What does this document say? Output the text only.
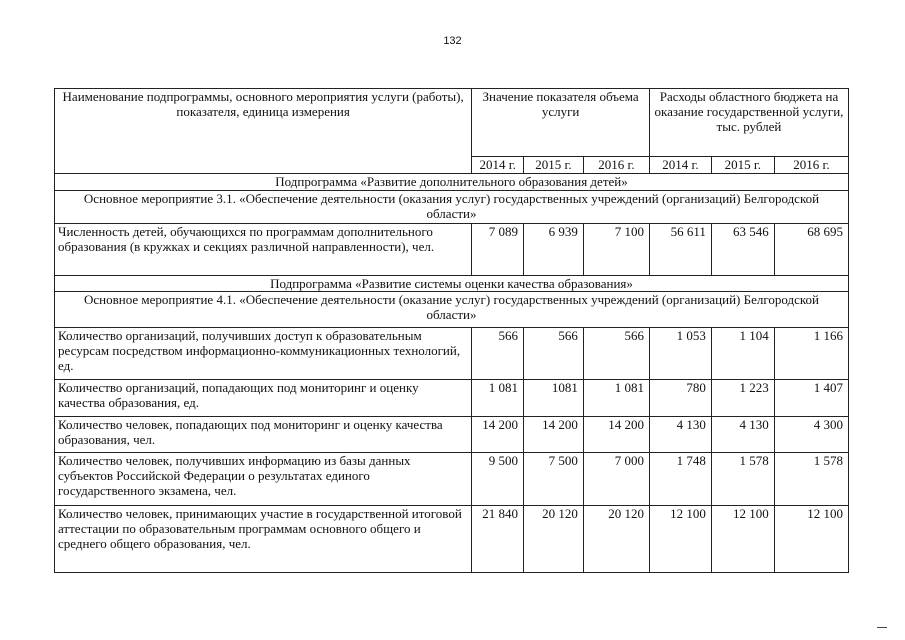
132
Наименование подпрограммы, основного мероприятия услуги (работы), показателя, единица измерения	Значение показателя объема услуги			Расходы областного бюджета на оказание государственной услуги, тыс. рублей		
	2014 г.	2015 г.	2016 г.	2014 г.	2015 г.	2016 г.
Подпрограмма «Развитие дополнительного образования детей»						
Основное мероприятие 3.1. «Обеспечение деятельности (оказания услуг) государственных учреждений (организаций) Белгородской области»						
Численность детей, обучающихся по программам дополнительного образования (в кружках и секциях различной направленности), чел.	7 089	6 939	7 100	56 611	63 546	68 695
Подпрограмма «Развитие системы оценки качества образования»						
Основное мероприятие 4.1. «Обеспечение деятельности (оказание услуг) государственных учреждений (организаций) Белгородской области»						
Количество организаций, получивших доступ к образовательным ресурсам посредством информационно-коммуникационных технологий, ед.	566	566	566	1 053	1 104	1 166
Количество организаций, попадающих под мониторинг и оценку качества образования, ед.	1 081	1081	1 081	780	1 223	1 407
Количество человек, попадающих под мониторинг и оценку качества образования, чел.	14 200	14 200	14 200	4 130	4 130	4 300
Количество человек, получивших информацию из базы данных субъектов Российской Федерации о результатах единого государственного экзамена, чел.	9 500	7 500	7 000	1 748	1 578	1 578
Количество человек, принимающих участие в государственной итоговой аттестации по образовательным программам основного общего и среднего общего образования, чел.	21 840	20 120	20 120	12 100	12 100	12 100
